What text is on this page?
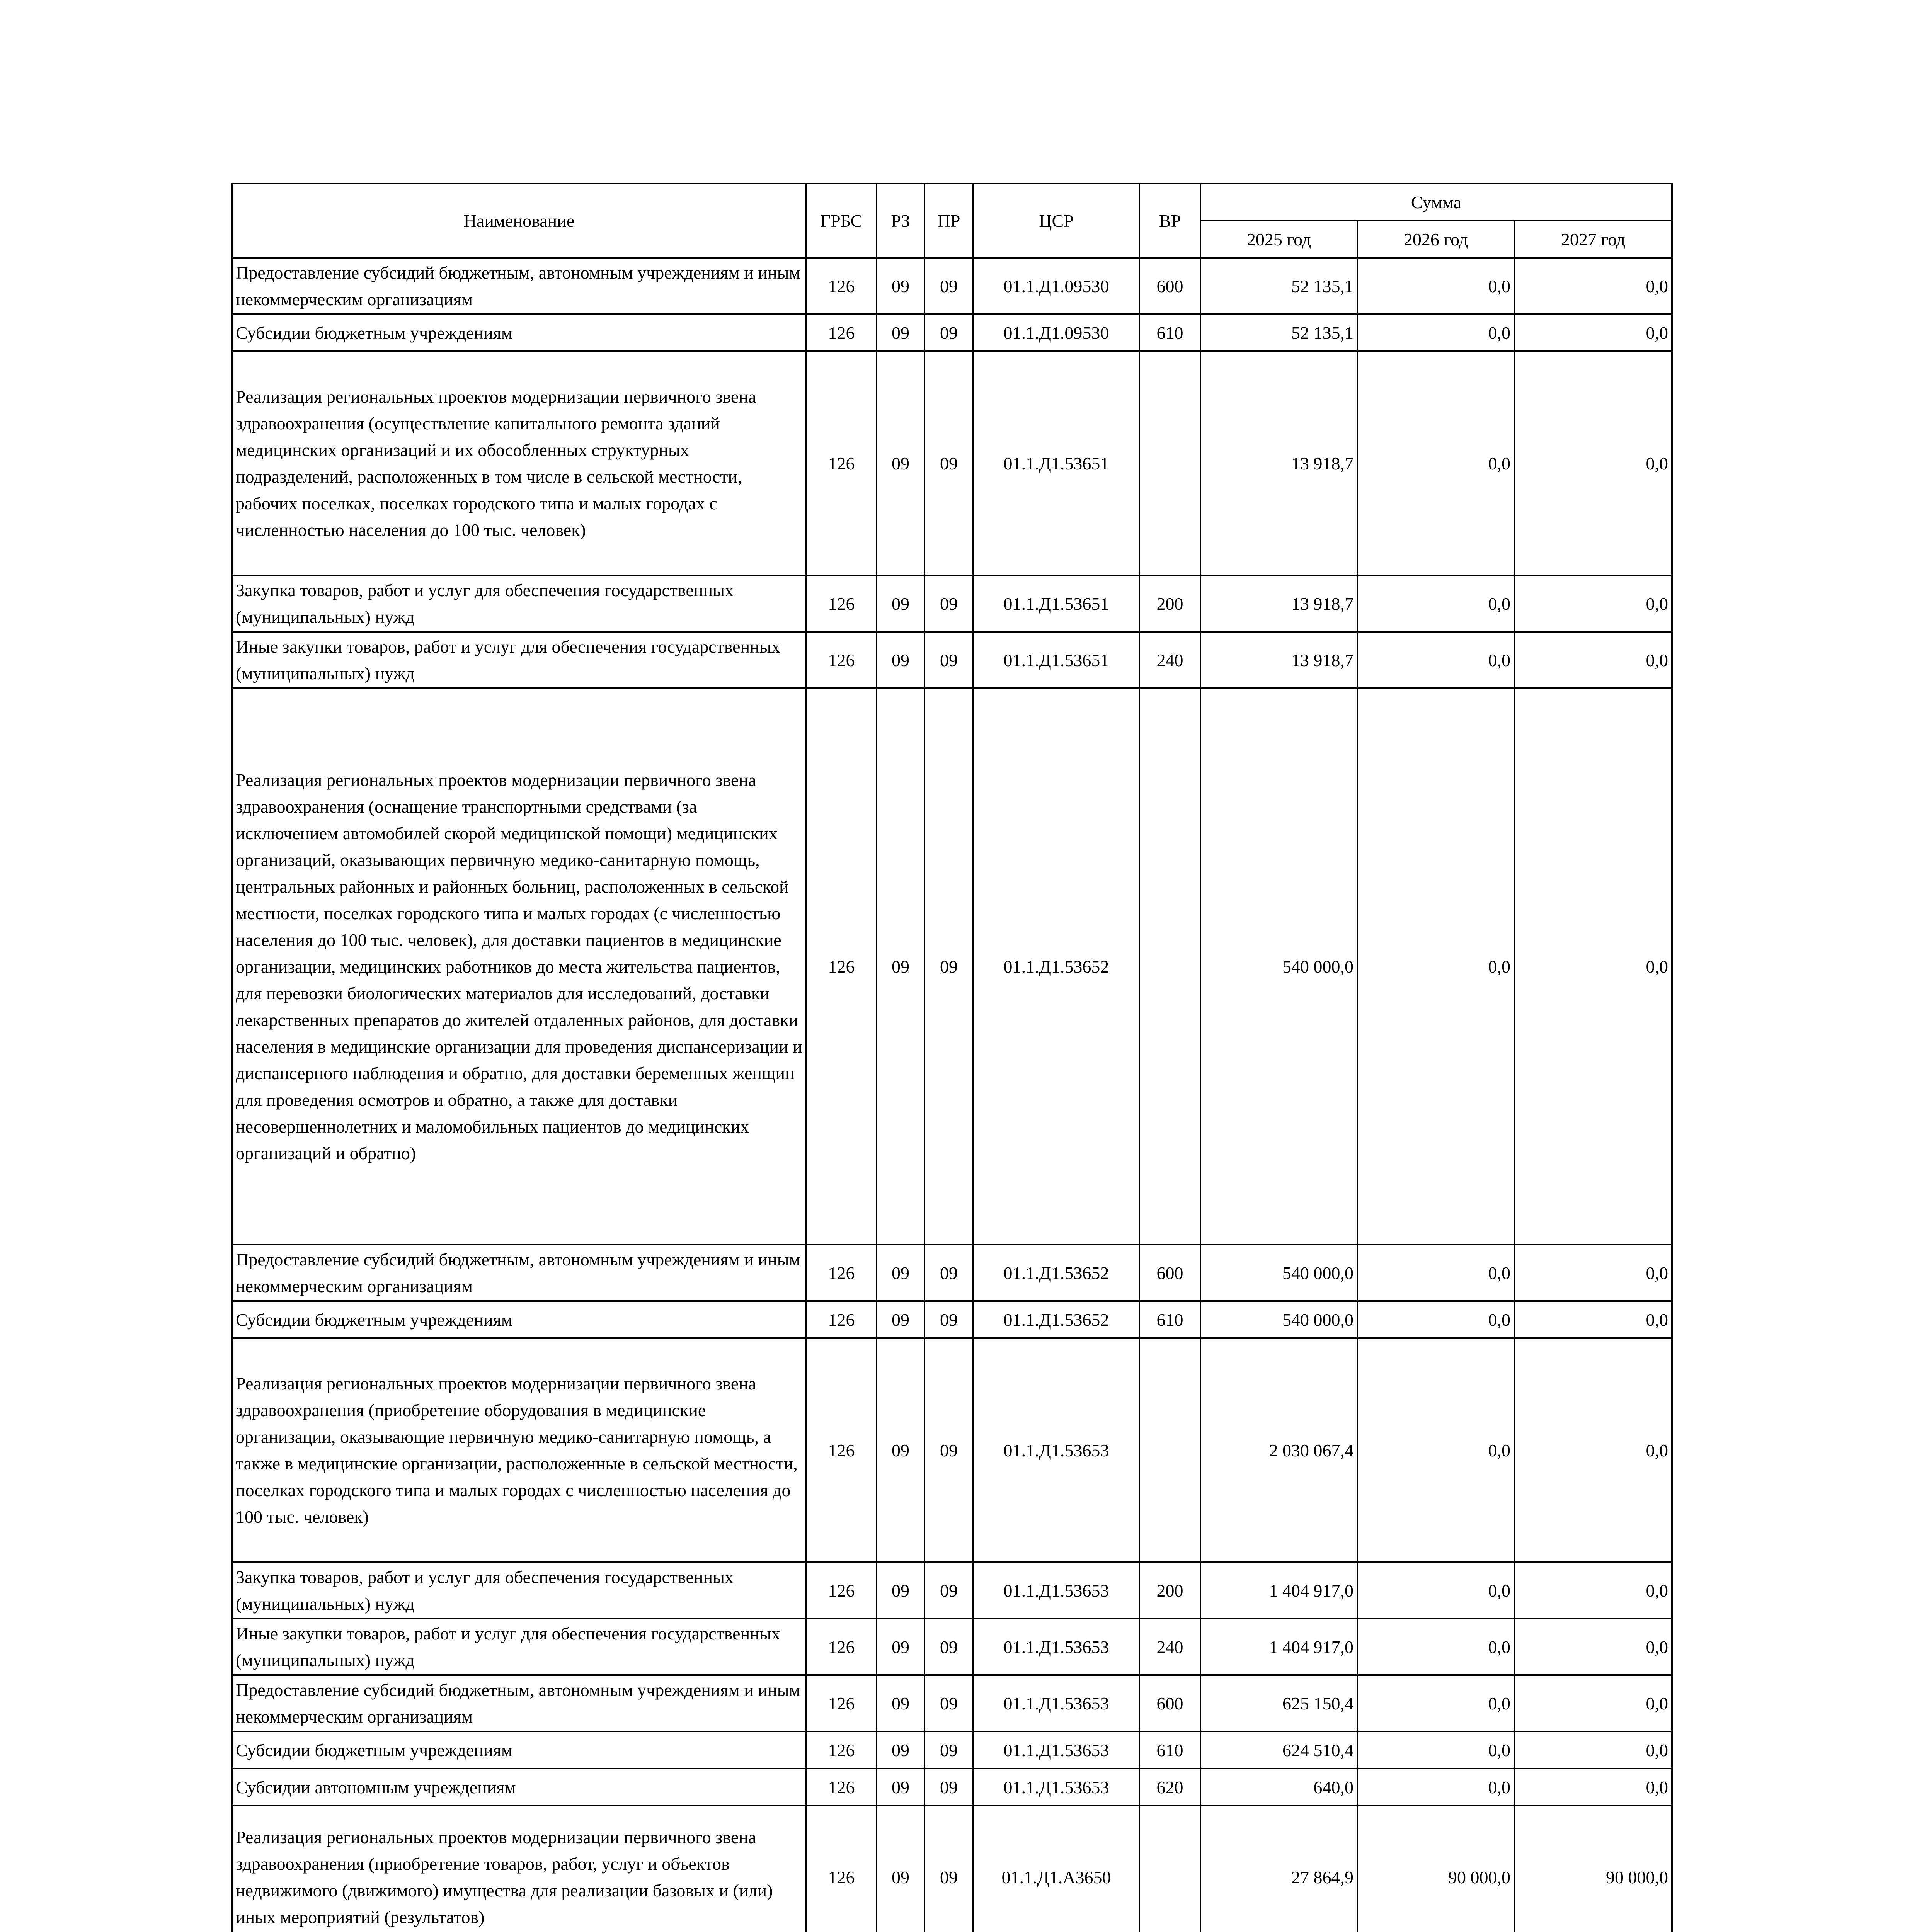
Наименование	ГРБС	РЗ	ПР	ЦСР	ВР	Сумма		
						2025 год	2026 год	2027 год
Предоставление субсидий бюджетным, автономным учреждениям и иным некоммерческим организациям	126	09	09	01.1.Д1.09530	600	52 135,1	0,0	0,0
Субсидии бюджетным учреждениям	126	09	09	01.1.Д1.09530	610	52 135,1	0,0	0,0
Реализация региональных проектов модернизации первичного звена здравоохранения (осуществление капитального ремонта зданий медицинских организаций и их обособленных структурных подразделений, расположенных в том числе в сельской местности, рабочих поселках, поселках городского типа и малых городах с численностью населения до 100 тыс. человек)	126	09	09	01.1.Д1.53651		13 918,7	0,0	0,0
Закупка товаров, работ и услуг для обеспечения государственных (муниципальных) нужд	126	09	09	01.1.Д1.53651	200	13 918,7	0,0	0,0
Иные закупки товаров, работ и услуг для обеспечения государственных (муниципальных) нужд	126	09	09	01.1.Д1.53651	240	13 918,7	0,0	0,0
Реализация региональных проектов модернизации первичного звена здравоохранения (оснащение транспортными средствами (за исключением автомобилей скорой медицинской помощи) медицинских организаций, оказывающих первичную медико-санитарную помощь, центральных районных и районных больниц, расположенных в сельской местности, поселках городского типа и малых городах (с численностью населения до 100 тыс. человек), для доставки пациентов в медицинские организации, медицинских работников до места жительства пациентов, для перевозки биологических материалов для исследований, доставки лекарственных препаратов до жителей отдаленных районов, для доставки населения в медицинские организации для проведения диспансеризации и диспансерного наблюдения и обратно, для доставки беременных женщин для проведения осмотров и обратно, а также для доставки несовершеннолетних и маломобильных пациентов до медицинских организаций и обратно)	126	09	09	01.1.Д1.53652		540 000,0	0,0	0,0
Предоставление субсидий бюджетным, автономным учреждениям и иным некоммерческим организациям	126	09	09	01.1.Д1.53652	600	540 000,0	0,0	0,0
Субсидии бюджетным учреждениям	126	09	09	01.1.Д1.53652	610	540 000,0	0,0	0,0
Реализация региональных проектов модернизации первичного звена здравоохранения (приобретение оборудования в медицинские организации, оказывающие первичную медико-санитарную помощь, а также в медицинские организации, расположенные в сельской местности, поселках городского типа и малых городах с численностью населения до 100 тыс. человек)	126	09	09	01.1.Д1.53653		2 030 067,4	0,0	0,0
Закупка товаров, работ и услуг для обеспечения государственных (муниципальных) нужд	126	09	09	01.1.Д1.53653	200	1 404 917,0	0,0	0,0
Иные закупки товаров, работ и услуг для обеспечения государственных (муниципальных) нужд	126	09	09	01.1.Д1.53653	240	1 404 917,0	0,0	0,0
Предоставление субсидий бюджетным, автономным учреждениям и иным некоммерческим организациям	126	09	09	01.1.Д1.53653	600	625 150,4	0,0	0,0
Субсидии бюджетным учреждениям	126	09	09	01.1.Д1.53653	610	624 510,4	0,0	0,0
Субсидии автономным учреждениям	126	09	09	01.1.Д1.53653	620	640,0	0,0	0,0
Реализация региональных проектов модернизации первичного звена здравоохранения (приобретение товаров, работ, услуг и объектов недвижимого (движимого) имущества для реализации базовых и (или) иных мероприятий (результатов)	126	09	09	01.1.Д1.А3650		27 864,9	90 000,0	90 000,0
